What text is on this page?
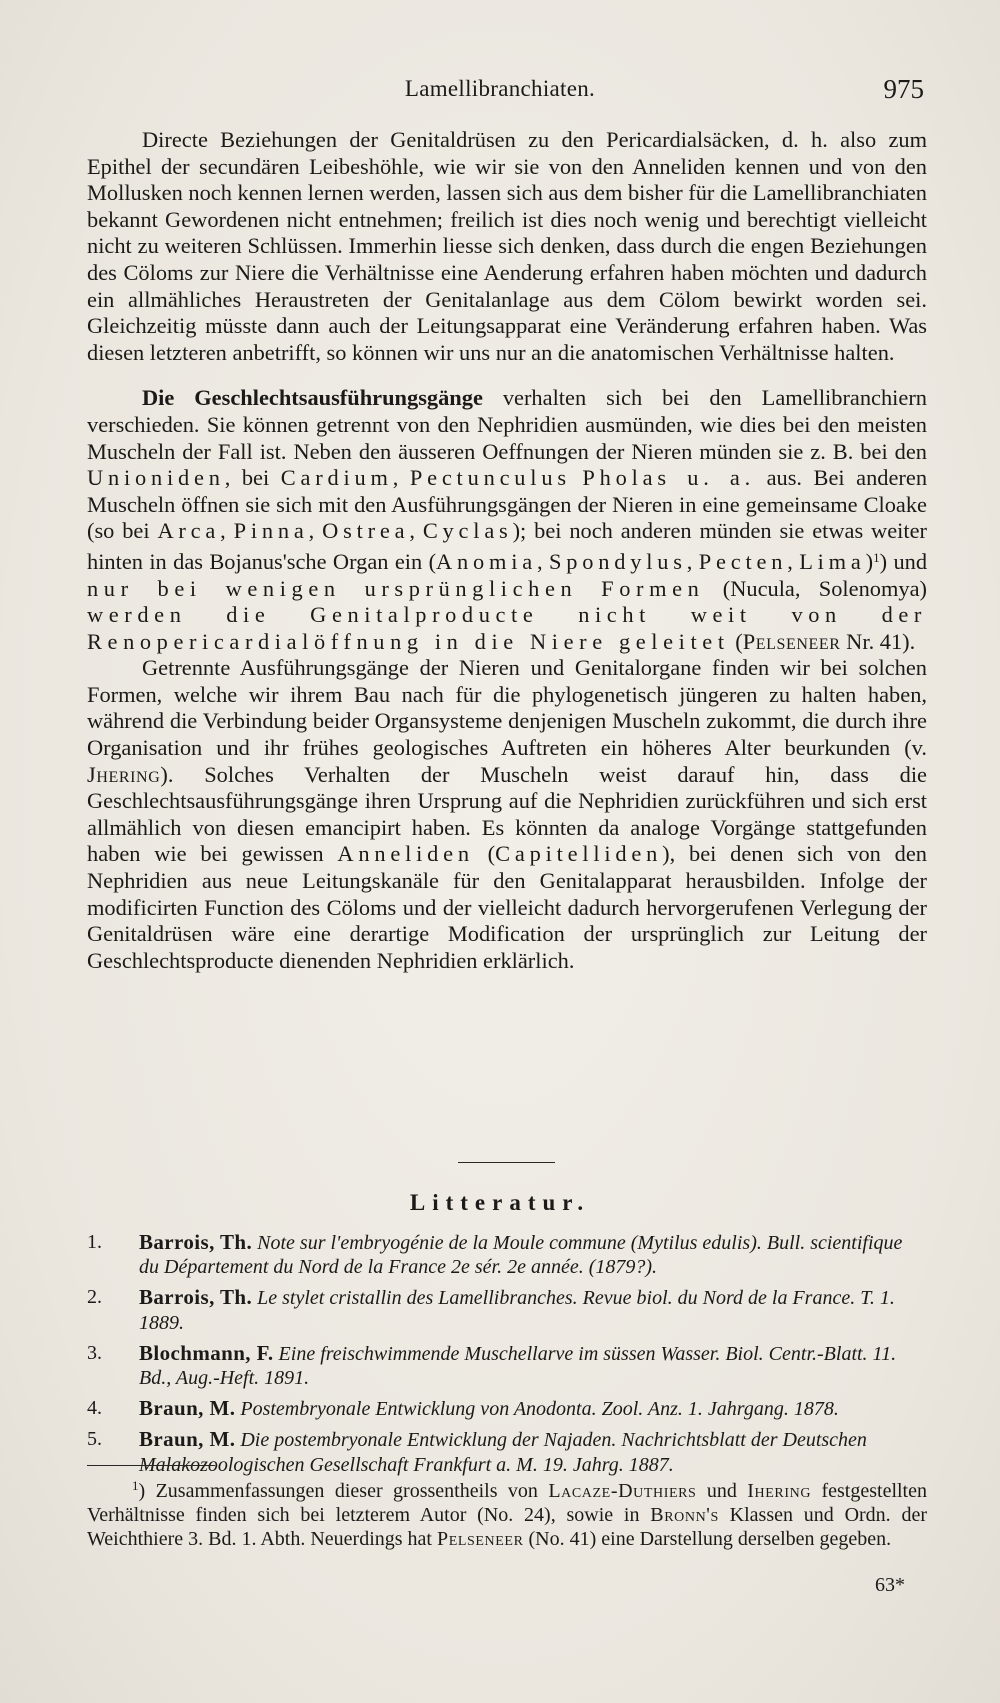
Lamellibranchiaten.	975

Directe Beziehungen der Genitaldrüsen zu den Pericardialsäcken, d. h. also zum Epithel der secundären Leibeshöhle, wie wir sie von den Anneliden kennen und von den Mollusken noch kennen lernen werden, lassen sich aus dem bisher für die Lamellibranchiaten bekannt Gewordenen nicht entnehmen; freilich ist dies noch wenig und berechtigt vielleicht nicht zu weiteren Schlüssen. Immerhin liesse sich denken, dass durch die engen Beziehungen des Cöloms zur Niere die Verhältnisse eine Aenderung erfahren haben möchten und dadurch ein allmähliches Heraustreten der Genitalanlage aus dem Cölom bewirkt worden sei. Gleichzeitig müsste dann auch der Leitungsapparat eine Veränderung erfahren haben. Was diesen letzteren anbetrifft, so können wir uns nur an die anatomischen Verhältnisse halten.

Die Geschlechtsausführungsgänge verhalten sich bei den Lamellibranchiern verschieden. Sie können getrennt von den Nephridien ausmünden, wie dies bei den meisten Muscheln der Fall ist. Neben den äusseren Oeffnungen der Nieren münden sie z. B. bei den Unioniden, bei Cardium, Pectunculus Pholas u. a. aus. Bei anderen Muscheln öffnen sie sich mit den Ausführungsgängen der Nieren in eine gemeinsame Cloake (so bei Arca, Pinna, Ostrea, Cyclas); bei noch anderen münden sie etwas weiter hinten in das Bojanus'sche Organ ein (Anomia, Spondylus, Pecten, Lima)$^1$) und nur bei wenigen ursprünglichen Formen (Nucula, Solenomya) werden die Genitalproducte nicht weit von der Renopericardialöffnung in die Niere geleitet (Pelseneer Nr. 41).

Getrennte Ausführungsgänge der Nieren und Genitalorgane finden wir bei solchen Formen, welche wir ihrem Bau nach für die phylogenetisch jüngeren zu halten haben, während die Verbindung beider Organsysteme denjenigen Muscheln zukommt, die durch ihre Organisation und ihr frühes geologisches Auftreten ein höheres Alter beurkunden (v. Jhering). Solches Verhalten der Muscheln weist darauf hin, dass die Geschlechtsausführungsgänge ihren Ursprung auf die Nephridien zurückführen und sich erst allmählich von diesen emancipirt haben. Es könnten da analoge Vorgänge stattgefunden haben wie bei gewissen Anneliden (Capitelliden), bei denen sich von den Nephridien aus neue Leitungskanäle für den Genitalapparat herausbilden. Infolge der modificirten Function des Cöloms und der vielleicht dadurch hervorgerufenen Verlegung der Genitaldrüsen wäre eine derartige Modification der ursprünglich zur Leitung der Geschlechtsproducte dienenden Nephridien erklärlich.

Litteratur.
1. Barrois, Th. Note sur l'embryogénie de la Moule commune (Mytilus edulis). Bull. scientifique du Département du Nord de la France 2e sér. 2e année. (1879?).
2. Barrois, Th. Le stylet cristallin des Lamellibranches. Revue biol. du Nord de la France. T. 1. 1889.
3. Blochmann, F. Eine freischwimmende Muschellarve im süssen Wasser. Biol. Centr.-Blatt. 11. Bd., Aug.-Heft. 1891.
4. Braun, M. Postembryonale Entwicklung von Anodonta. Zool. Anz. 1. Jahrgang. 1878.
5. Braun, M. Die postembryonale Entwicklung der Najaden. Nachrichtsblatt der Deutschen Malakozoologischen Gesellschaft Frankfurt a. M. 19. Jahrg. 1887.

$^1$) Zusammenfassungen dieser grossentheils von Lacaze-Duthiers und Ihering festgestellten Verhältnisse finden sich bei letzterem Autor (No. 24), sowie in Bronn's Klassen und Ordn. der Weichthiere 3. Bd. 1. Abth. Neuerdings hat Pelseneer (No. 41) eine Darstellung derselben gegeben.

63*
